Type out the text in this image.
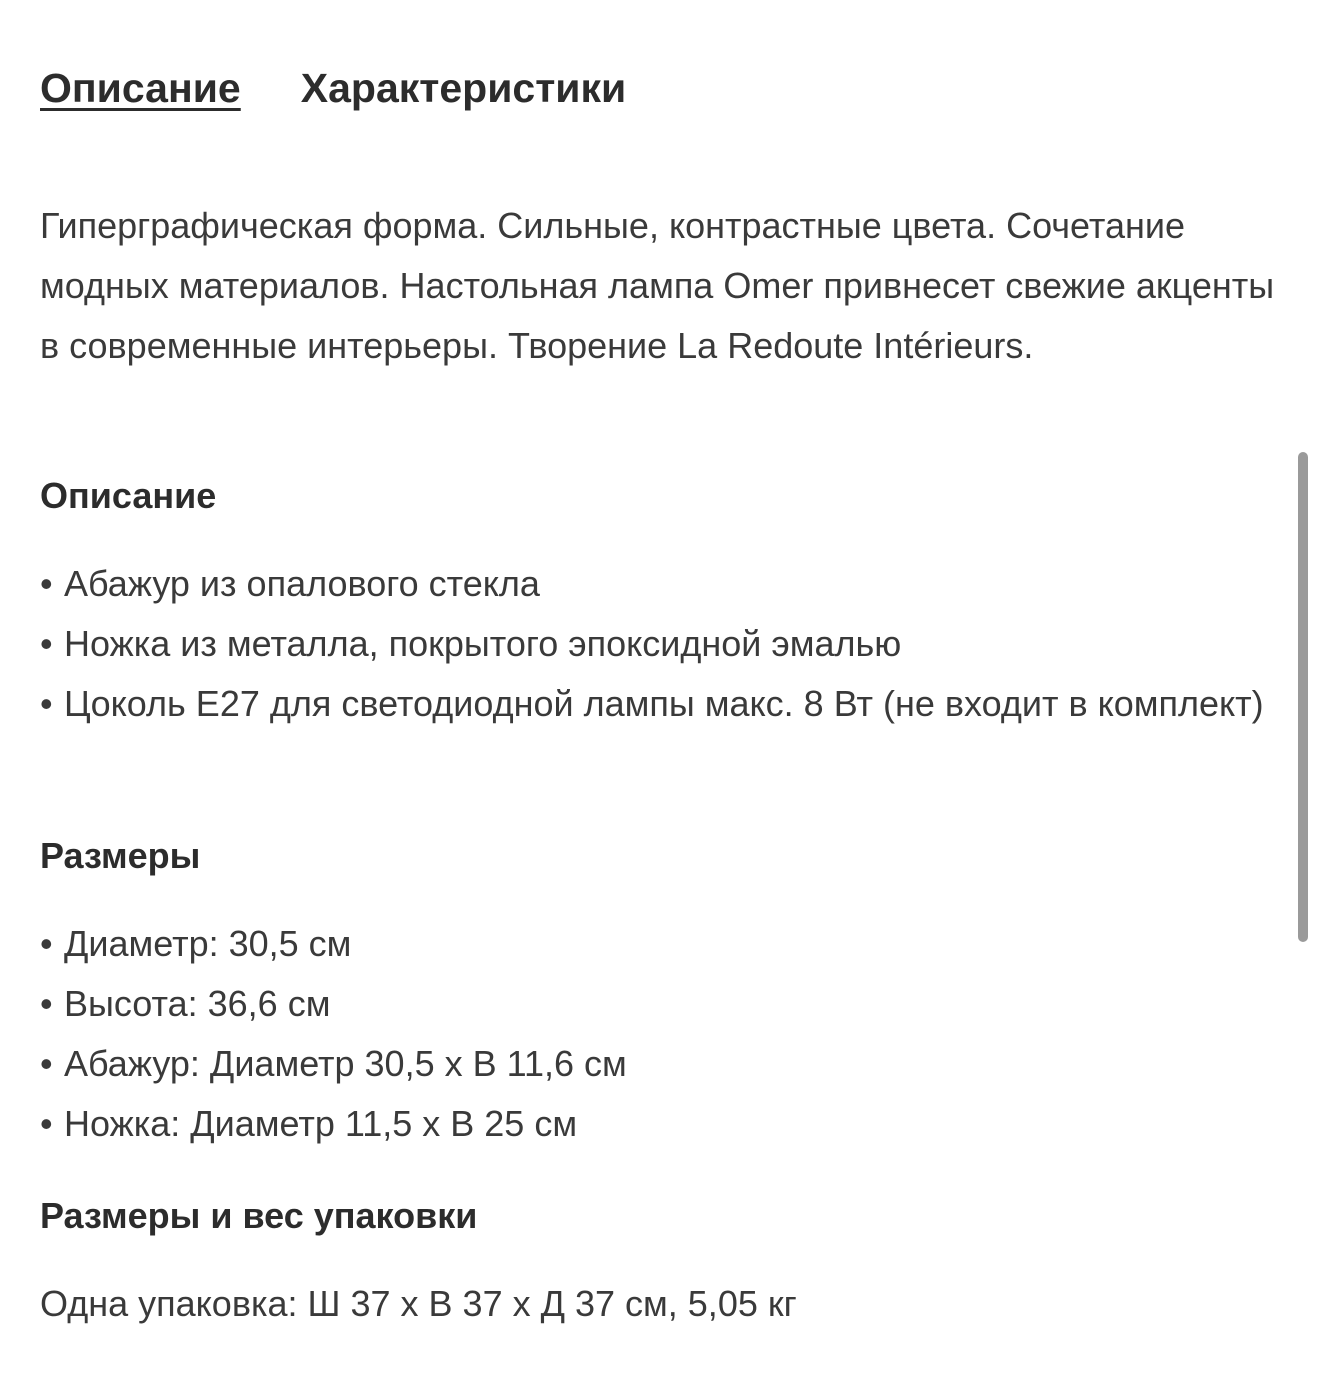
Описание Характеристики

Гиперграфическая форма. Сильные, контрастные цвета. Сочетание модных материалов. Настольная лампа Omer привнесет свежие акценты в современные интерьеры. Творение La Redoute Intérieurs.

Описание
• Абажур из опалового стекла
• Ножка из металла, покрытого эпоксидной эмалью
• Цоколь E27 для светодиодной лампы макс. 8 Вт (не входит в комплект)
Размеры
• Диаметр: 30,5 см
• Высота: 36,6 см
• Абажур: Диаметр 30,5 х В 11,6 см
• Ножка: Диаметр 11,5 х В 25 см
Размеры и вес упаковки

Одна упаковка: Ш 37 х В 37 х Д 37 см, 5,05 кг
